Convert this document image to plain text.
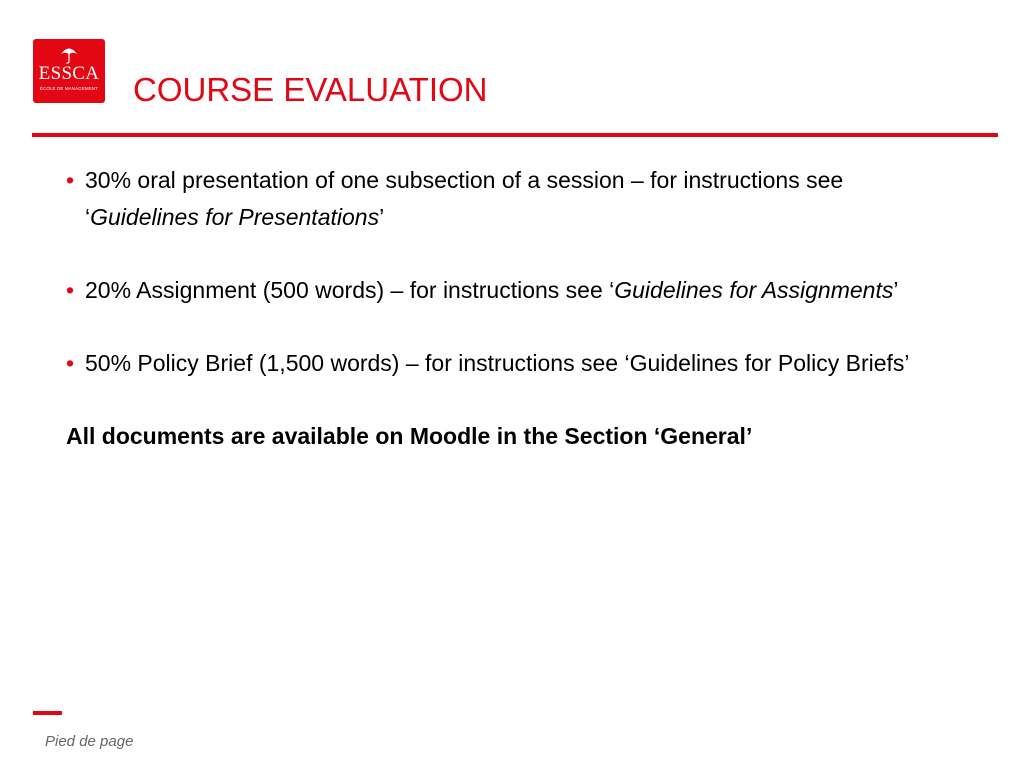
ESSCA
ÉCOLE DE MANAGEMENT COURSE EVALUATION
• 30% oral presentation of one subsection of a session – for instructions see ‘Guidelines for Presentations’
• 20% Assignment (500 words) – for instructions see ‘Guidelines for Assignments’
• 50% Policy Brief (1,500 words) – for instructions see ‘Guidelines for Policy Briefs’

All documents are available on Moodle in the Section ‘General’

Pied de page
